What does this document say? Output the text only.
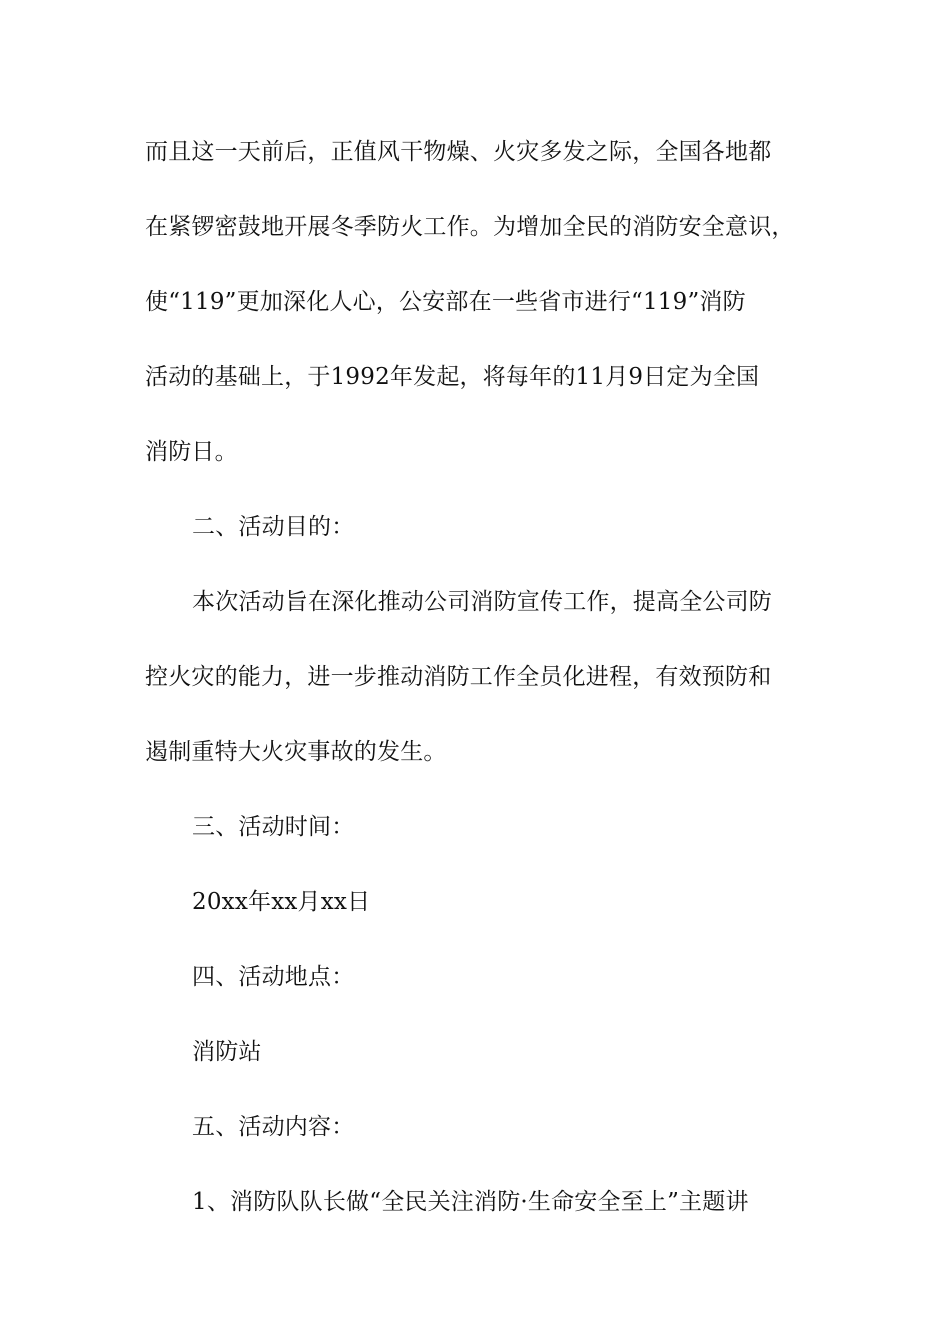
而且这一天前后，正值风干物燥、火灾多发之际，全国各地都
在紧锣密鼓地开展冬季防火工作。为增加全民的消防安全意识，
使“119”更加深化人心，公安部在一些省市进行“119”消防
活动的基础上，于1992年发起，将每年的11月9日定为全国
消防日。
二、活动目的：
本次活动旨在深化推动公司消防宣传工作，提高全公司防
控火灾的能力，进一步推动消防工作全员化进程，有效预防和
遏制重特大火灾事故的发生。
三、活动时间：
20xx年xx月xx日
四、活动地点：
消防站
五、活动内容：
1、消防队队长做“全民关注消防·生命安全至上”主题讲
